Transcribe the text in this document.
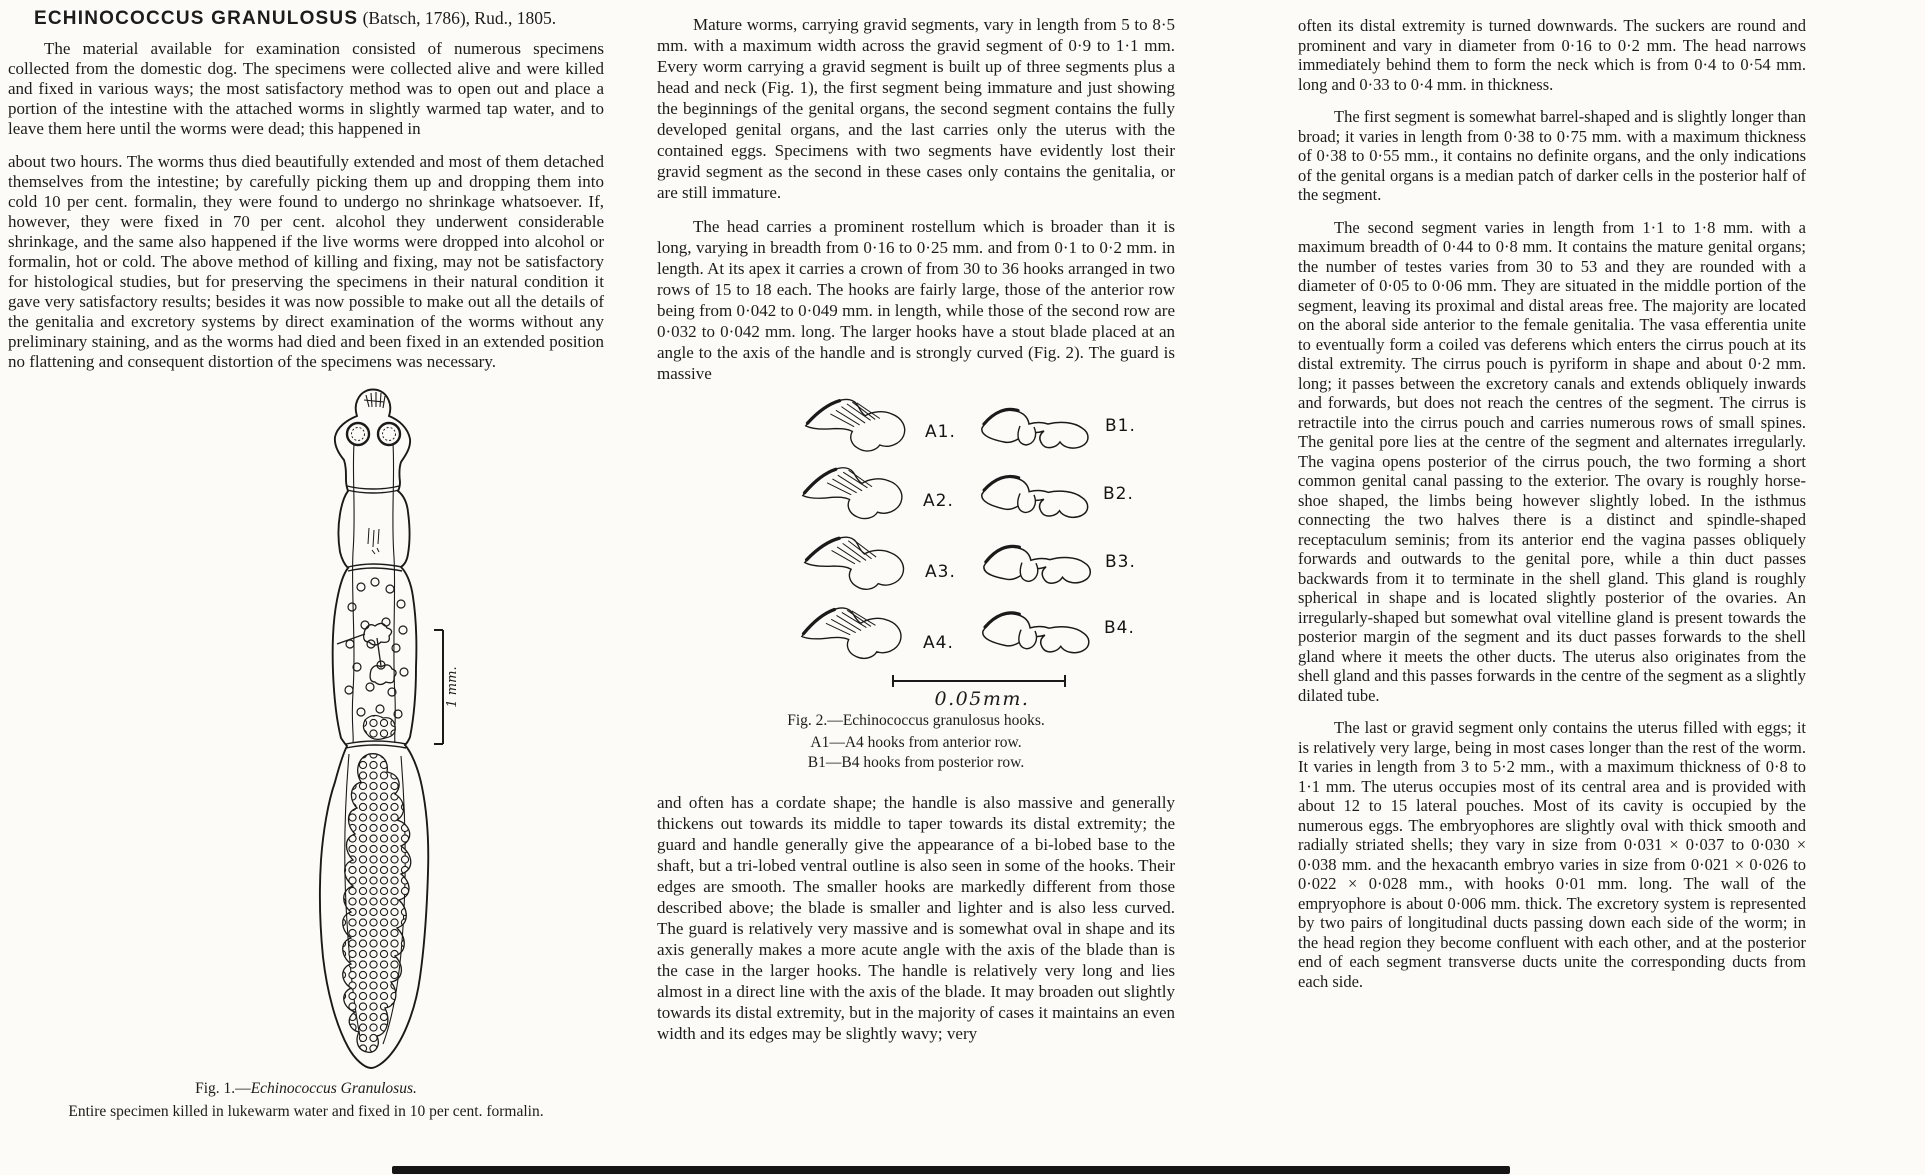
ECHINOCOCCUS GRANULOSUS (Batsch, 1786), Rud., 1805.

The material available for examination consisted of numerous specimens collected from the domestic dog. The specimens were collected alive and were killed and fixed in various ways; the most satisfactory method was to open out and place a portion of the intestine with the attached worms in slightly warmed tap water, and to leave them here until the worms were dead; this happened in

about two hours. The worms thus died beautifully extended and most of them detached themselves from the intestine; by carefully picking them up and dropping them into cold 10 per cent. formalin, they were found to undergo no shrinkage whatsoever. If, however, they were fixed in 70 per cent. alcohol they underwent considerable shrinkage, and the same also happened if the live worms were dropped into alcohol or formalin, hot or cold. The above method of killing and fixing, may not be satisfactory for histological studies, but for preserving the specimens in their natural condition it gave very satisfactory results; besides it was now possible to make out all the details of the genitalia and excretory systems by direct examination of the worms without any preliminary staining, and as the worms had died and been fixed in an extended position no flattening and consequent distortion of the specimens was necessary.

1 mm.

Fig. 1.—Echinococcus Granulosus.

Entire specimen killed in lukewarm water and fixed in 10 per cent. formalin.

Mature worms, carrying gravid segments, vary in length from 5 to 8·5 mm. with a maximum width across the gravid segment of 0·9 to 1·1 mm. Every worm carrying a gravid segment is built up of three segments plus a head and neck (Fig. 1), the first segment being immature and just showing the beginnings of the genital organs, the second segment contains the fully developed genital organs, and the last carries only the uterus with the contained eggs. Specimens with two segments have evidently lost their gravid segment as the second in these cases only contains the genitalia, or are still immature.

The head carries a prominent rostellum which is broader than it is long, varying in breadth from 0·16 to 0·25 mm. and from 0·1 to 0·2 mm. in length. At its apex it carries a crown of from 30 to 36 hooks arranged in two rows of 15 to 18 each. The hooks are fairly large, those of the anterior row being from 0·042 to 0·049 mm. in length, while those of the second row are 0·032 to 0·042 mm. long. The larger hooks have a stout blade placed at an angle to the axis of the handle and is strongly curved (Fig. 2). The guard is massive

A1.
A2.
A3.
A4.
B1.
B2.
B3.
B4.
0.05mm.
Fig. 2.—Echinococcus granulosus hooks.
A1—A4 hooks from anterior row.
B1—B4 hooks from posterior row.

and often has a cordate shape; the handle is also massive and generally thickens out towards its middle to taper towards its distal extremity; the guard and handle generally give the appearance of a bi-lobed base to the shaft, but a tri-lobed ventral outline is also seen in some of the hooks. Their edges are smooth. The smaller hooks are markedly different from those described above; the blade is smaller and lighter and is also less curved. The guard is relatively very massive and is somewhat oval in shape and its axis generally makes a more acute angle with the axis of the blade than is the case in the larger hooks. The handle is relatively very long and lies almost in a direct line with the axis of the blade. It may broaden out slightly towards its distal extremity, but in the majority of cases it maintains an even width and its edges may be slightly wavy; very

often its distal extremity is turned downwards. The suckers are round and prominent and vary in diameter from 0·16 to 0·2 mm. The head narrows immediately behind them to form the neck which is from 0·4 to 0·54 mm. long and 0·33 to 0·4 mm. in thickness.

The first segment is somewhat barrel-shaped and is slightly longer than broad; it varies in length from 0·38 to 0·75 mm. with a maximum thickness of 0·38 to 0·55 mm., it contains no definite organs, and the only indications of the genital organs is a median patch of darker cells in the posterior half of the segment.

The second segment varies in length from 1·1 to 1·8 mm. with a maximum breadth of 0·44 to 0·8 mm. It contains the mature genital organs; the number of testes varies from 30 to 53 and they are rounded with a diameter of 0·05 to 0·06 mm. They are situated in the middle portion of the segment, leaving its proximal and distal areas free. The majority are located on the aboral side anterior to the female genitalia. The vasa efferentia unite to eventually form a coiled vas deferens which enters the cirrus pouch at its distal extremity. The cirrus pouch is pyriform in shape and about 0·2 mm. long; it passes between the excretory canals and extends obliquely inwards and forwards, but does not reach the centres of the segment. The cirrus is retractile into the cirrus pouch and carries numerous rows of small spines. The genital pore lies at the centre of the segment and alternates irregularly. The vagina opens posterior of the cirrus pouch, the two forming a short common genital canal passing to the exterior. The ovary is roughly horse-shoe shaped, the limbs being however slightly lobed. In the isthmus connecting the two halves there is a distinct and spindle-shaped receptaculum seminis; from its anterior end the vagina passes obliquely forwards and outwards to the genital pore, while a thin duct passes backwards from it to terminate in the shell gland. This gland is roughly spherical in shape and is located slightly posterior of the ovaries. An irregularly-shaped but somewhat oval vitelline gland is present towards the posterior margin of the segment and its duct passes forwards to the shell gland where it meets the other ducts. The uterus also originates from the shell gland and this passes forwards in the centre of the segment as a slightly dilated tube.

The last or gravid segment only contains the uterus filled with eggs; it is relatively very large, being in most cases longer than the rest of the worm. It varies in length from 3 to 5·2 mm., with a maximum thickness of 0·8 to 1·1 mm. The uterus occupies most of its central area and is provided with about 12 to 15 lateral pouches. Most of its cavity is occupied by the numerous eggs. The embryophores are slightly oval with thick smooth and radially striated shells; they vary in size from 0·031 × 0·037 to 0·030 × 0·038 mm. and the hexacanth embryo varies in size from 0·021 × 0·026 to 0·022 × 0·028 mm., with hooks 0·01 mm. long. The wall of the empryophore is about 0·006 mm. thick. The excretory system is represented by two pairs of longitudinal ducts passing down each side of the worm; in the head region they become confluent with each other, and at the posterior end of each segment transverse ducts unite the corresponding ducts from each side.
